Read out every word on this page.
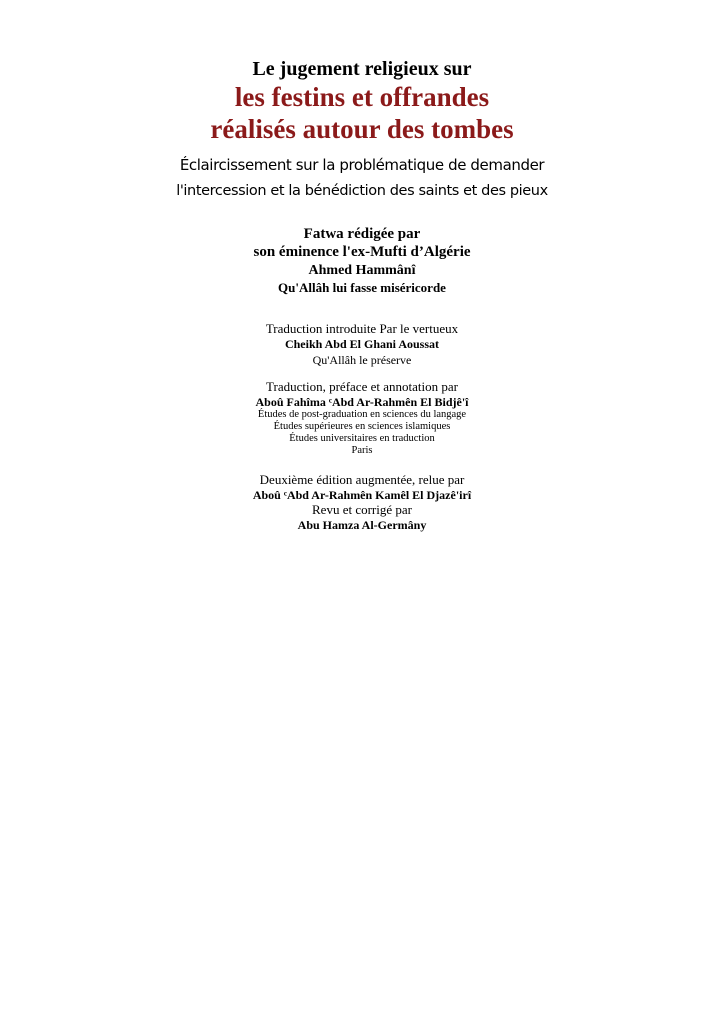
Le jugement religieux sur
les festins et offrandes
réalisés autour des tombes
Éclaircissement sur la problématique de demander
l'intercession et la bénédiction des saints et des pieux
Fatwa rédigée par
son éminence l'ex-Mufti d’Algérie
Ahmed Hammânî
Qu'Allâh lui fasse miséricorde
Traduction introduite Par le vertueux
Cheikh Abd El Ghani Aoussat
Qu'Allâh le préserve
Traduction, préface et annotation par
Aboû Fahîma ᶜAbd Ar-Rahmên El Bidjê'î
Études de post-graduation en sciences du langage
Études supérieures en sciences islamiques
Études universitaires en traduction
Paris
Deuxième édition augmentée, relue par
Aboû ᶜAbd Ar-Rahmên Kamêl El Djazê'irî
Revu et corrigé par
Abu Hamza Al-Germâny
